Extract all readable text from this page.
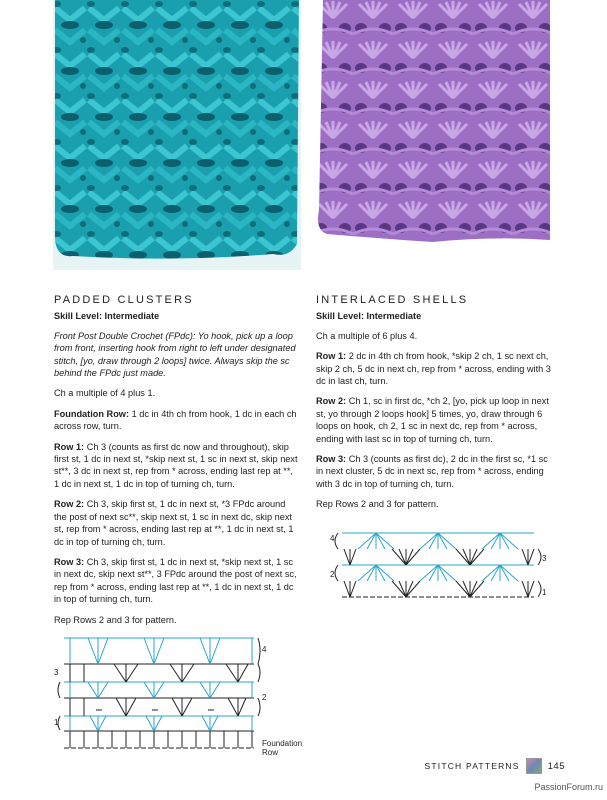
PADDED CLUSTERS
Skill Level: Intermediate

Front Post Double Crochet (FPdc): Yo hook, pick up a loop from front, inserting hook from right to left under designated stitch, [yo, draw through 2 loops] twice. Always skip the sc behind the FPdc just made.

Ch a multiple of 4 plus 1.

Foundation Row: 1 dc in 4th ch from hook, 1 dc in each ch across row, turn.

Row 1: Ch 3 (counts as first dc now and throughout), skip first st, 1 dc in next st, *skip next st, 1 sc in next st, skip next st**, 3 dc in next st, rep from * across, ending last rep at **, 1 dc in next st, 1 dc in top of turning ch, turn.

Row 2: Ch 3, skip first st, 1 dc in next st, *3 FPdc around the post of next sc**, skip next st, 1 sc in next dc, skip next st, rep from * across, ending last rep at **, 1 dc in next st, 1 dc in top of turning ch, turn.

Row 3: Ch 3, skip first st, 1 dc in next st, *skip next st, 1 sc in next dc, skip next st**, 3 FPdc around the post of next sc, rep from * across, ending last rep at **, 1 dc in next st, 1 dc in top of turning ch, turn.

Rep Rows 2 and 3 for pattern.

INTERLACED SHELLS
Skill Level: Intermediate

Ch a multiple of 6 plus 4.

Row 1: 2 dc in 4th ch from hook, *skip 2 ch, 1 sc next ch, skip 2 ch, 5 dc in next ch, rep from * across, ending with 3 dc in last ch, turn.

Row 2: Ch 1, sc in first dc, *ch 2, [yo, pick up loop in next st, yo through 2 loops hook] 5 times, yo, draw through 6 loops on hook, ch 2, 1 sc in next dc, rep from * across, ending with last sc in top of turning ch, turn.

Row 3: Ch 3 (counts as first dc), 2 dc in the first sc, *1 sc in next cluster, 5 dc in next sc, rep from * across, ending with 3 dc in top of turning ch, turn.

Rep Rows 2 and 3 for pattern.

1
2
3
4
Foundation
Row
1
2
3
4
STITCH PATTERNS	145
PassionForum.ru
